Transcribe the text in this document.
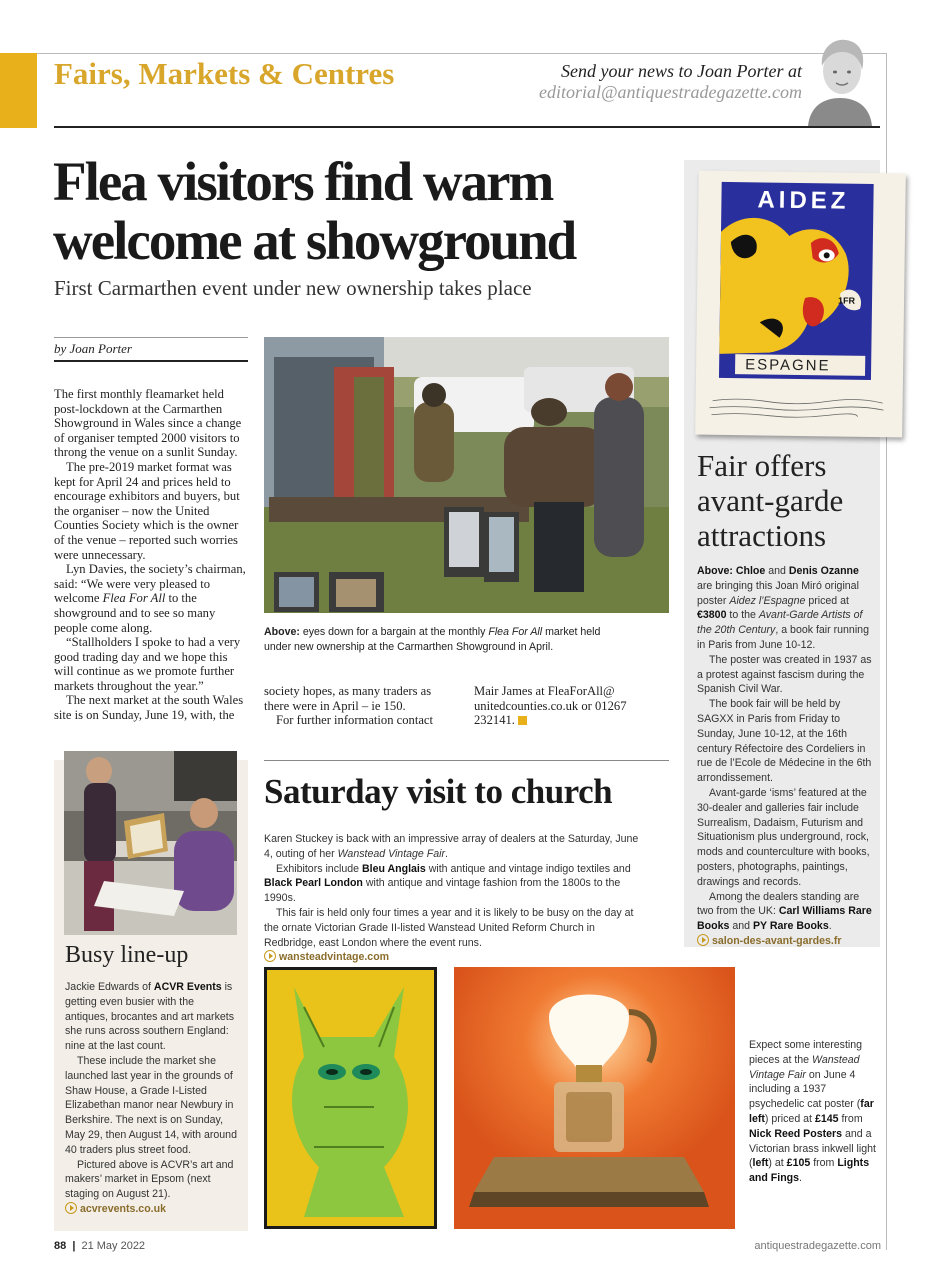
Fairs, Markets & Centres	Send your news to Joan Porter at
editorial@antiquestradegazette.com
Flea visitors find warm
welcome at showground
First Carmarthen event under new ownership takes place
by Joan Porter

The first monthly fleamarket held post-lockdown at the Carmarthen Showground in Wales since a change of organiser tempted 2000 visitors to throng the venue on a sunlit Sunday.

The pre-2019 market format was kept for April 24 and prices held to encourage exhibitors and buyers, but the organiser – now the United Counties Society which is the owner of the venue – reported such worries were unnecessary.

Lyn Davies, the society’s chairman, said: “We were very pleased to welcome Flea For All to the showground and to see so many people come along.

“Stallholders I spoke to had a very good trading day and we hope this will continue as we promote further markets throughout the year.”

The next market at the south Wales site is on Sunday, June 19, with, the

Above: eyes down for a bargain at the monthly Flea For All market held under new ownership at the Carmarthen Showground in April.

society hopes, as many traders as there were in April – ie 150.

For further information contact

Mair James at FleaForAll@ unitedcounties.co.uk or 01267 232141.

AIDEZ
1FR
ESPAGNE
Fair offers avant-garde attractions

Above: Chloe and Denis Ozanne are bringing this Joan Miró original poster Aidez l’Espagne priced at €3800 to the Avant-Garde Artists of the 20th Century, a book fair running in Paris from June 10-12.

The poster was created in 1937 as a protest against fascism during the Spanish Civil War.

The book fair will be held by SAGXX in Paris from Friday to Sunday, June 10-12, at the 16th century Réfectoire des Cordeliers in rue de l’Ecole de Médecine in the 6th arrondissement.

Avant-garde ‘isms’ featured at the 30-dealer and galleries fair include Surrealism, Dadaism, Futurism and Situationism plus underground, rock, mods and counterculture with books, posters, photographs, paintings, drawings and records.

Among the dealers standing are two from the UK: Carl Williams Rare Books and PY Rare Books.

salon-des-avant-gardes.fr

Busy line-up

Jackie Edwards of ACVR Events is getting even busier with the antiques, brocantes and art markets she runs across southern England: nine at the last count.

These include the market she launched last year in the grounds of Shaw House, a Grade I-Listed Elizabethan manor near Newbury in Berkshire. The next is on Sunday, May 29, then August 14, with around 40 traders plus street food.

Pictured above is ACVR’s art and makers’ market in Epsom (next staging on August 21).

acvrevents.co.uk

Saturday visit to church

Karen Stuckey is back with an impressive array of dealers at the Saturday, June 4, outing of her Wanstead Vintage Fair.

Exhibitors include Bleu Anglais with antique and vintage indigo textiles and Black Pearl London with antique and vintage fashion from the 1800s to the 1990s.

This fair is held only four times a year and it is likely to be busy on the day at the ornate Victorian Grade II-listed Wanstead United Reform Church in Redbridge, east London where the event runs.

wansteadvintage.com

Expect some interesting pieces at the Wanstead Vintage Fair on June 4 including a 1937 psychedelic cat poster (far left) priced at £145 from Nick Reed Posters and a Victorian brass inkwell light (left) at £105 from Lights and Fings.
88 | 21 May 2022	antiquestradegazette.com
